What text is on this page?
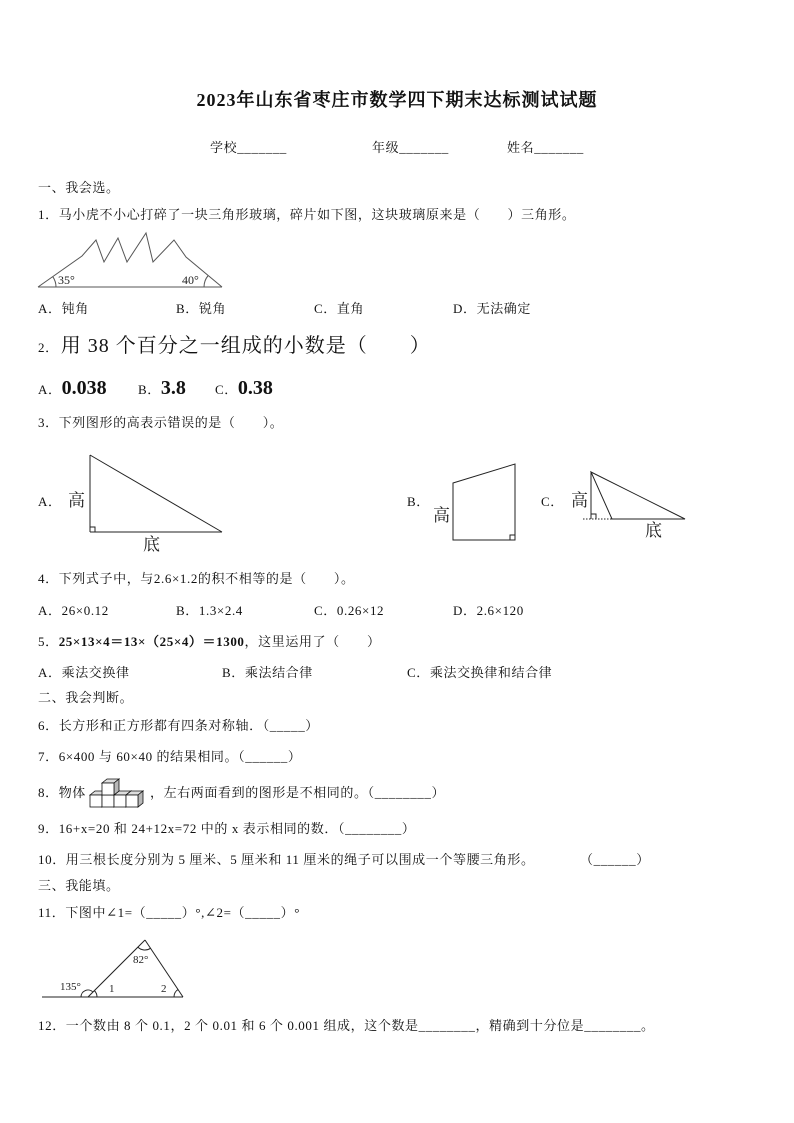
2023年山东省枣庄市数学四下期末达标测试试题
学校_______	年级_______	姓名_______
一、我会选。
1．马小虎不小心打碎了一块三角形玻璃，碎片如下图，这块玻璃原来是（　　）三角形。
35°	40°
A．钝角	B．锐角	C．直角	D．无法确定
2． 用 38 个百分之一组成的小数是（　　）
A．0.038 B．3.8 C．0.38
3．下列图形的高表示错误的是（　　）。
A． 高
底
B．
高
C． 高
底
4．下列式子中，与2.6×1.2的积不相等的是（　　）。
A．26×0.12	B．1.3×2.4	C．0.26×12	D．2.6×120
5．25×13×4＝13×（25×4）＝1300，这里运用了（　　）
A．乘法交换律	B．乘法结合律	C．乘法交换律和结合律
二、我会判断。
6．长方形和正方形都有四条对称轴．（_____）
7．6×400 与 60×40 的结果相同。（______）
8．物体	，左右两面看到的图形是不相同的。（________）
9．16+x=20 和 24+12x=72 中的 x 表示相同的数．（________）
10．用三根长度分别为 5 厘米、5 厘米和 11 厘米的绳子可以围成一个等腰三角形。	（______）
三、我能填。
11．下图中∠1=（_____）°,∠2=（_____）°
82°
135°	1	2
12．一个数由 8 个 0.1，2 个 0.01 和 6 个 0.001 组成，这个数是________，精确到十分位是________。
